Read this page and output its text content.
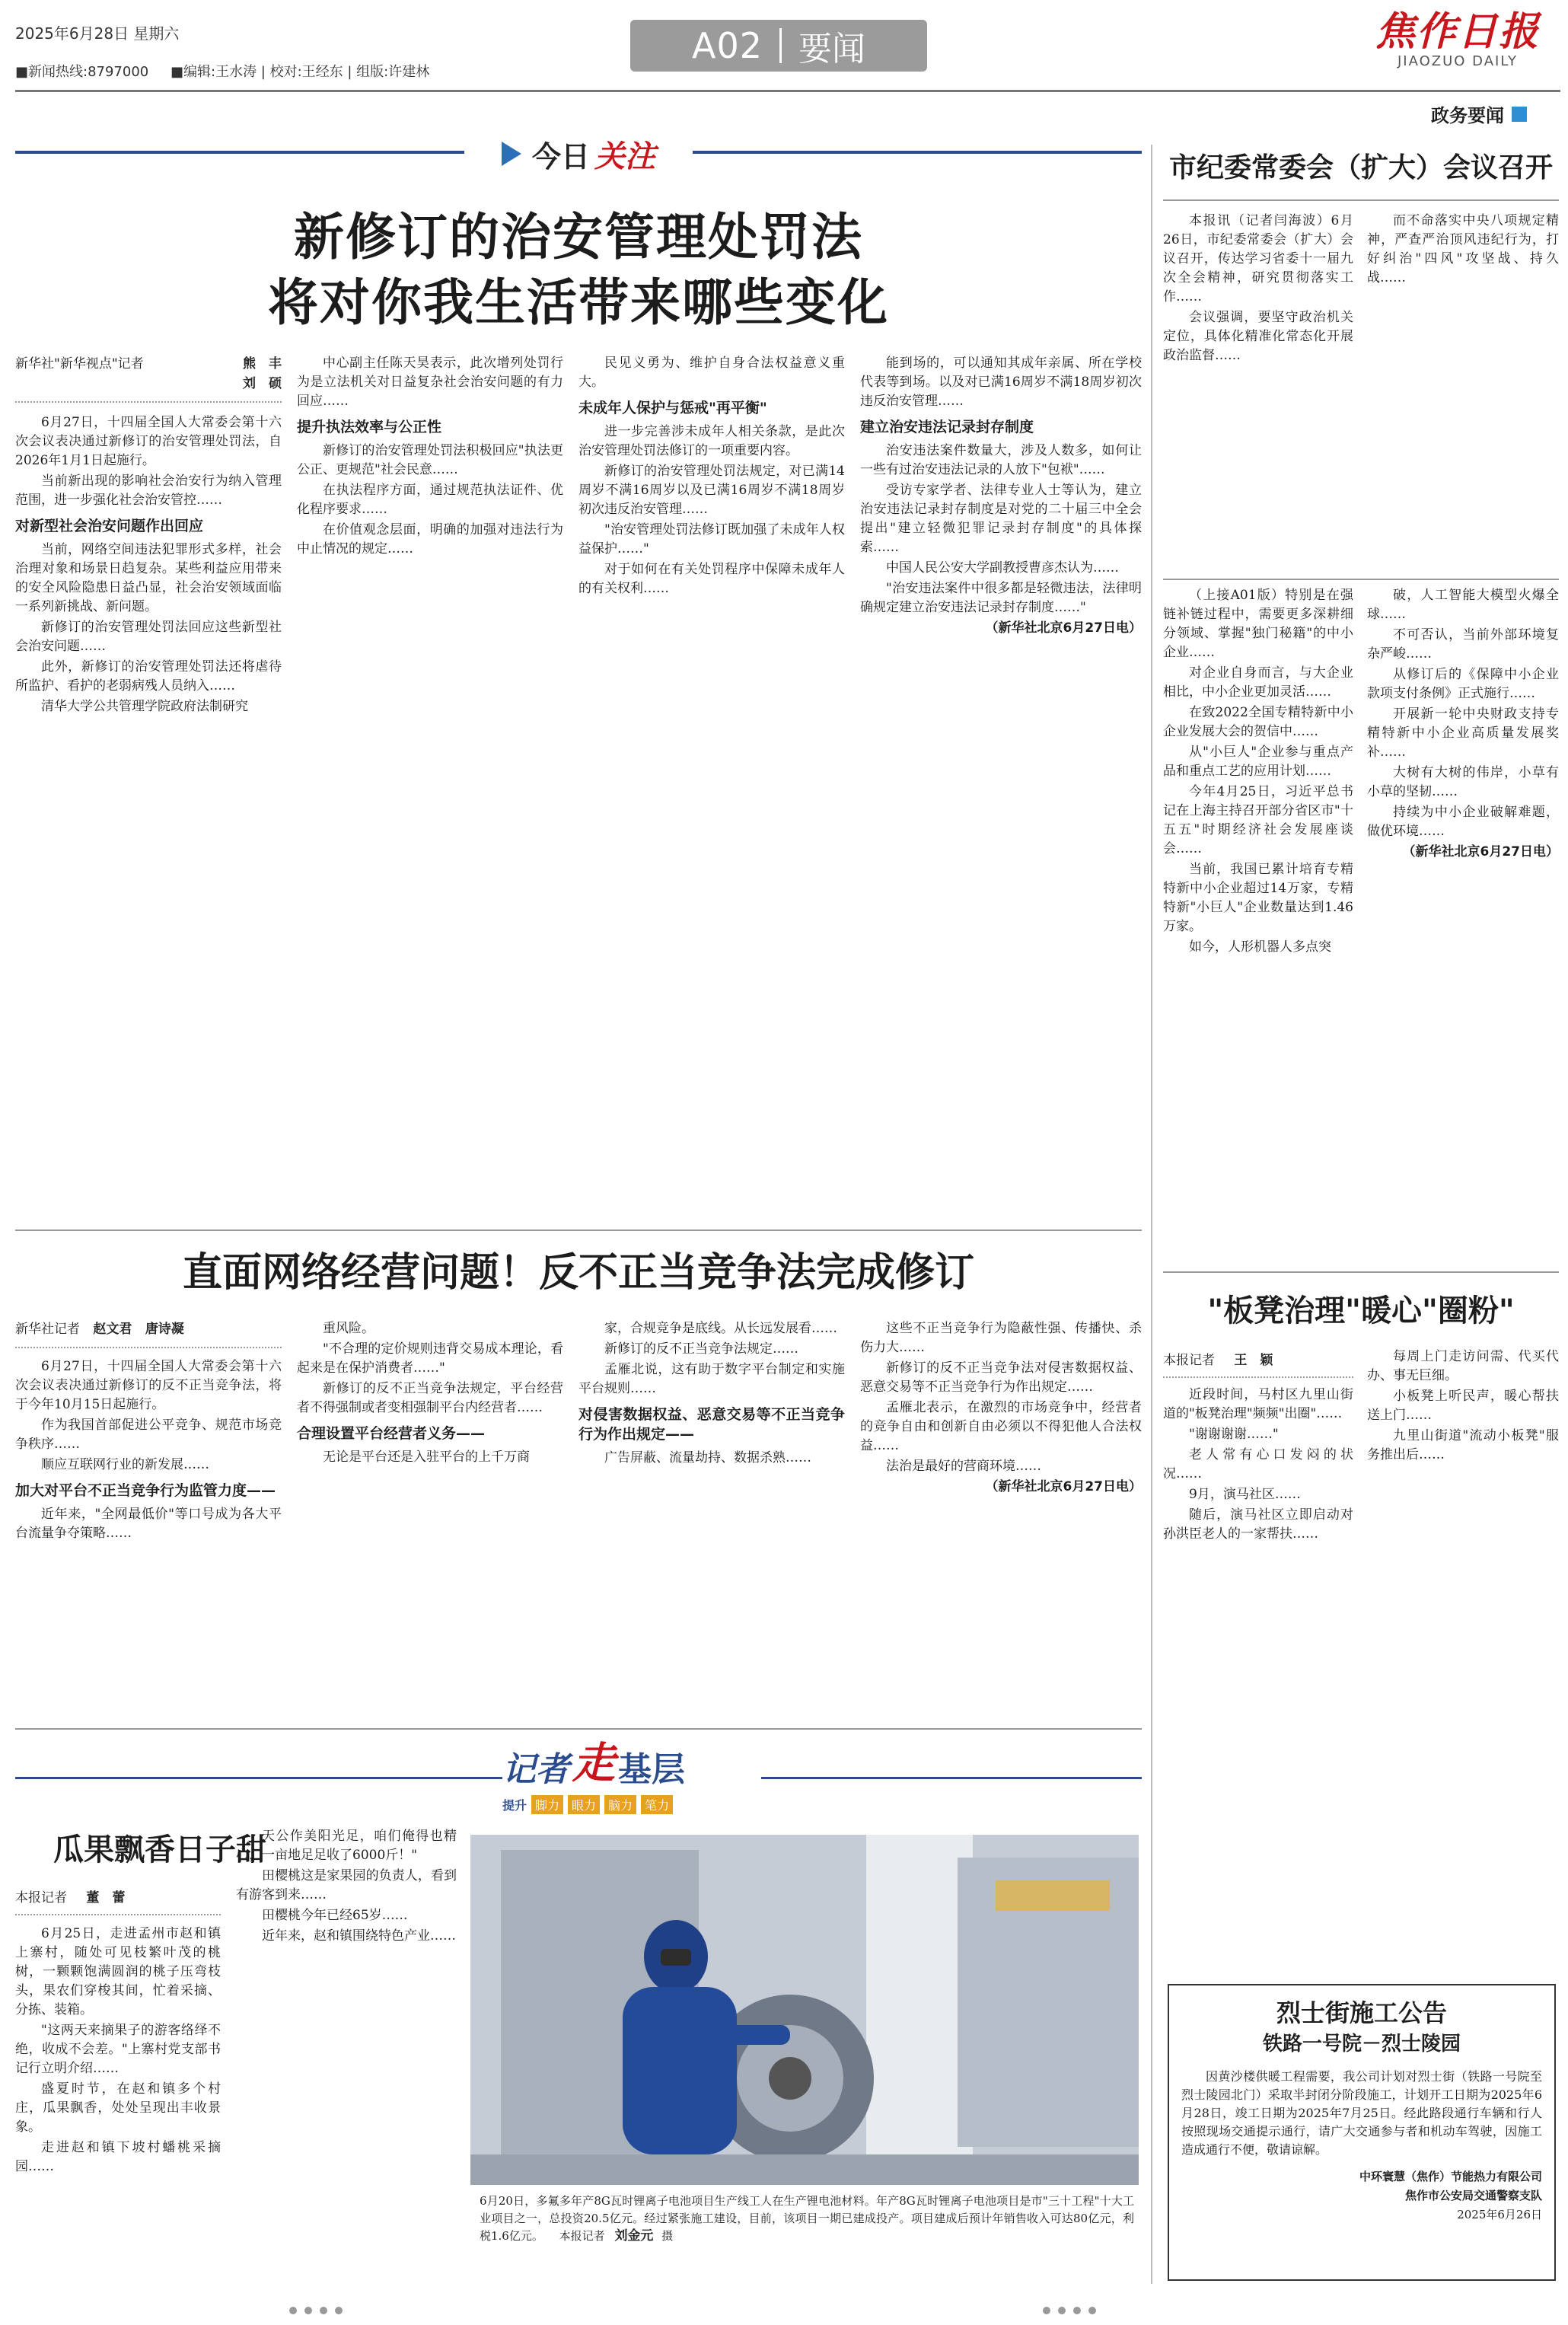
2025年6月28日 星期六	A02 要闻	焦作日报
JIAOZUO DAILY
■新闻热线:8797000 ■编辑:王水涛 | 校对:王经东 | 组版:许建林
政务要闻
今日 关注
新修订的治安管理处罚法
将对你我生活带来哪些变化
新华社"新华视点"记者	熊　丰
刘　硕

6月27日，十四届全国人大常委会第十六次会议表决通过新修订的治安管理处罚法，自2026年1月1日起施行。

当前新出现的影响社会治安行为纳入管理范围，进一步强化社会治安管控……

对新型社会治安问题作出回应

当前，网络空间违法犯罪形式多样，社会治理对象和场景日趋复杂。某些利益应用带来的安全风险隐患日益凸显，社会治安领域面临一系列新挑战、新问题。

新修订的治安管理处罚法回应这些新型社会治安问题……

此外，新修订的治安管理处罚法还将虐待所监护、看护的老弱病残人员纳入……

清华大学公共管理学院政府法制研究

中心副主任陈天昊表示，此次增列处罚行为是立法机关对日益复杂社会治安问题的有力回应……

提升执法效率与公正性

新修订的治安管理处罚法积极回应"执法更公正、更规范"社会民意……

在执法程序方面，通过规范执法证件、优化程序要求……

在价值观念层面，明确的加强对违法行为中止情况的规定……

民见义勇为、维护自身合法权益意义重大。

未成年人保护与惩戒"再平衡"

进一步完善涉未成年人相关条款，是此次治安管理处罚法修订的一项重要内容。

新修订的治安管理处罚法规定，对已满14周岁不满16周岁以及已满16周岁不满18周岁初次违反治安管理……

"治安管理处罚法修订既加强了未成年人权益保护……"

对于如何在有关处罚程序中保障未成年人的有关权利……

能到场的，可以通知其成年亲属、所在学校代表等到场。以及对已满16周岁不满18周岁初次违反治安管理……

建立治安违法记录封存制度

治安违法案件数量大，涉及人数多，如何让一些有过治安违法记录的人放下"包袱"……

受访专家学者、法律专业人士等认为，建立治安违法记录封存制度是对党的二十届三中全会提出"建立轻微犯罪记录封存制度"的具体探索……

中国人民公安大学副教授曹彦杰认为……

"治安违法案件中很多都是轻微违法，法律明确规定建立治安违法记录封存制度……"

（新华社北京6月27日电）

直面网络经营问题！反不正当竞争法完成修订
新华社记者 赵文君 唐诗凝

6月27日，十四届全国人大常委会第十六次会议表决通过新修订的反不正当竞争法，将于今年10月15日起施行。

作为我国首部促进公平竞争、规范市场竞争秩序……

顺应互联网行业的新发展……

加大对平台不正当竞争行为监管力度——

近年来，"全网最低价"等口号成为各大平台流量争夺策略……

重风险。

"不合理的定价规则违背交易成本理论，看起来是在保护消费者……"

新修订的反不正当竞争法规定，平台经营者不得强制或者变相强制平台内经营者……

合理设置平台经营者义务——

无论是平台还是入驻平台的上千万商

家，合规竞争是底线。从长远发展看……

新修订的反不正当竞争法规定……

孟雁北说，这有助于数字平台制定和实施平台规则……

对侵害数据权益、恶意交易等不正当竞争行为作出规定——

广告屏蔽、流量劫持、数据杀熟……

这些不正当竞争行为隐蔽性强、传播快、杀伤力大……

新修订的反不正当竞争法对侵害数据权益、恶意交易等不正当竞争行为作出规定……

孟雁北表示，在激烈的市场竞争中，经营者的竞争自由和创新自由必须以不得犯他人合法权益……

法治是最好的营商环境……

（新华社北京6月27日电）

记者 走 基层
提升 脚力	眼力	脑力	笔力
瓜果飘香日子甜
本报记者 董　蕾

6月25日，走进孟州市赵和镇上寨村，随处可见枝繁叶茂的桃树，一颗颗饱满圆润的桃子压弯枝头，果农们穿梭其间，忙着采摘、分拣、装箱。

"这两天来摘果子的游客络绎不绝，收成不会差。"上寨村党支部书记行立明介绍……

盛夏时节，在赵和镇多个村庄，瓜果飘香，处处呈现出丰收景象。

走进赵和镇下坡村蟠桃采摘园……

天公作美阳光足，咱们俺得也精心，一亩地足足收了6000斤！"

田樱桃这是家果园的负责人，看到有游客到来……

田樱桃今年已经65岁……

近年来，赵和镇围绕特色产业……

6月20日，多氟多年产8G瓦时锂离子电池项目生产线工人在生产锂电池材料。年产8G瓦时锂离子电池项目是市"三十工程"十大工业项目之一，总投资20.5亿元。经过紧张施工建设，目前，该项目一期已建成投产。项目建成后预计年销售收入可达80亿元，利税1.6亿元。 本报记者 刘金元 摄
市纪委常委会（扩大）会议召开

本报讯（记者闫海波）6月26日，市纪委常委会（扩大）会议召开，传达学习省委十一届九次全会精神，研究贯彻落实工作……

会议强调，要坚守政治机关定位，具体化精准化常态化开展政治监督……

而不命落实中央八项规定精神，严查严治顶风违纪行为，打好纠治"四风"攻坚战、持久战……

（上接A01版）特别是在强链补链过程中，需要更多深耕细分领域、掌握"独门秘籍"的中小企业……

对企业自身而言，与大企业相比，中小企业更加灵活……

在致2022全国专精特新中小企业发展大会的贺信中……

从"小巨人"企业参与重点产品和重点工艺的应用计划……

今年4月25日，习近平总书记在上海主持召开部分省区市"十五五"时期经济社会发展座谈会……

当前，我国已累计培育专精特新中小企业超过14万家，专精特新"小巨人"企业数量达到1.46万家。

如今，人形机器人多点突

破，人工智能大模型火爆全球……

不可否认，当前外部环境复杂严峻……

从修订后的《保障中小企业款项支付条例》正式施行……

开展新一轮中央财政支持专精特新中小企业高质量发展奖补……

大树有大树的伟岸，小草有小草的坚韧……

持续为中小企业破解难题，做优环境……

（新华社北京6月27日电）

"板凳治理"暖心"圈粉"
本报记者 王　颖

近段时间，马村区九里山街道的"板凳治理"频频"出圈"……

"谢谢谢谢……"

老人常有心口发闷的状况……

9月，演马社区……

随后，演马社区立即启动对孙洪臣老人的一家帮扶……

每周上门走访问需、代买代办、事无巨细。

小板凳上听民声，暖心帮扶送上门……

九里山街道"流动小板凳"服务推出后……

烈士街施工公告
铁路一号院－烈士陵园
因黄沙楼供暖工程需要，我公司计划对烈士街（铁路一号院至烈士陵园北门）采取半封闭分阶段施工，计划开工日期为2025年6月28日，竣工日期为2025年7月25日。经此路段通行车辆和行人按照现场交通提示通行，请广大交通参与者和机动车驾驶，因施工造成通行不便，敬请谅解。
中环寰慧（焦作）节能热力有限公司
焦作市公安局交通警察支队
2025年6月26日
